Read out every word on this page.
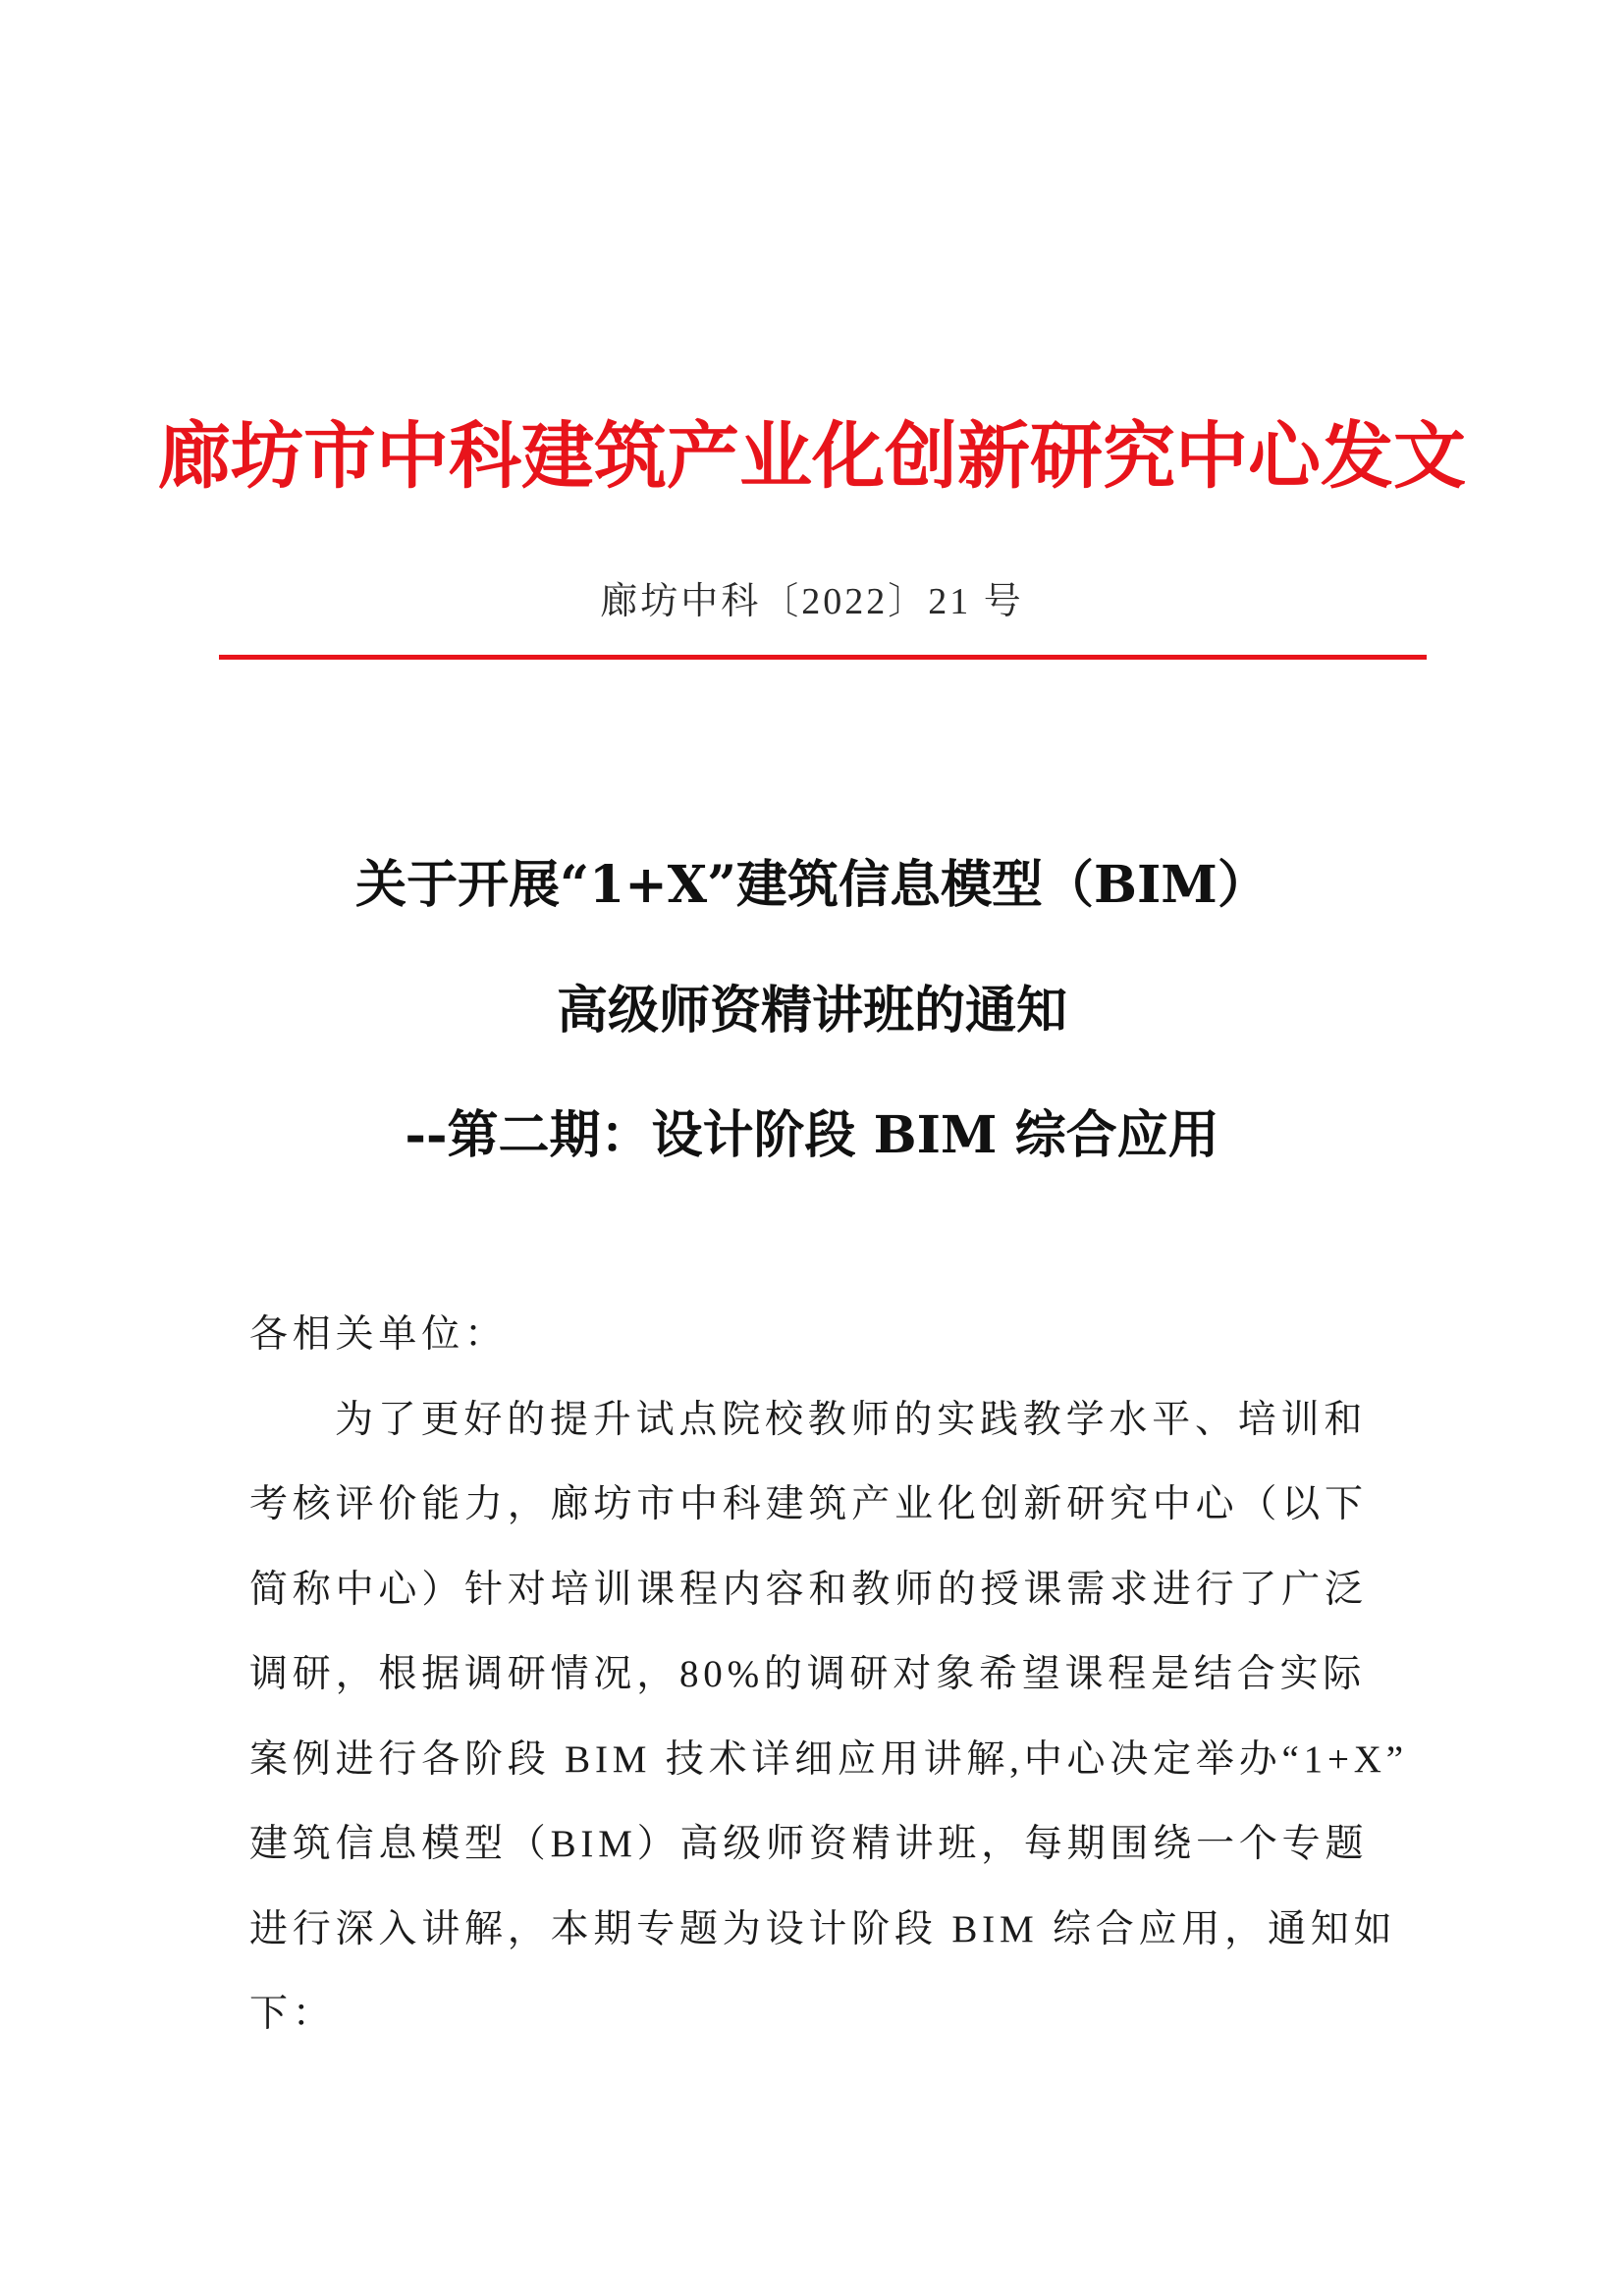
廊坊市中科建筑产业化创新研究中心发文
廊坊中科〔2022〕21 号
关于开展“1+X”建筑信息模型（BIM）
高级师资精讲班的通知
--第二期：设计阶段 BIM 综合应用
各相关单位：
为了更好的提升试点院校教师的实践教学水平、培训和
考核评价能力，廊坊市中科建筑产业化创新研究中心（以下
简称中心）针对培训课程内容和教师的授课需求进行了广泛
调研，根据调研情况，80%的调研对象希望课程是结合实际
案例进行各阶段 BIM 技术详细应用讲解,中心决定举办“1+X”
建筑信息模型（BIM）高级师资精讲班，每期围绕一个专题
进行深入讲解，本期专题为设计阶段 BIM 综合应用，通知如
下：
